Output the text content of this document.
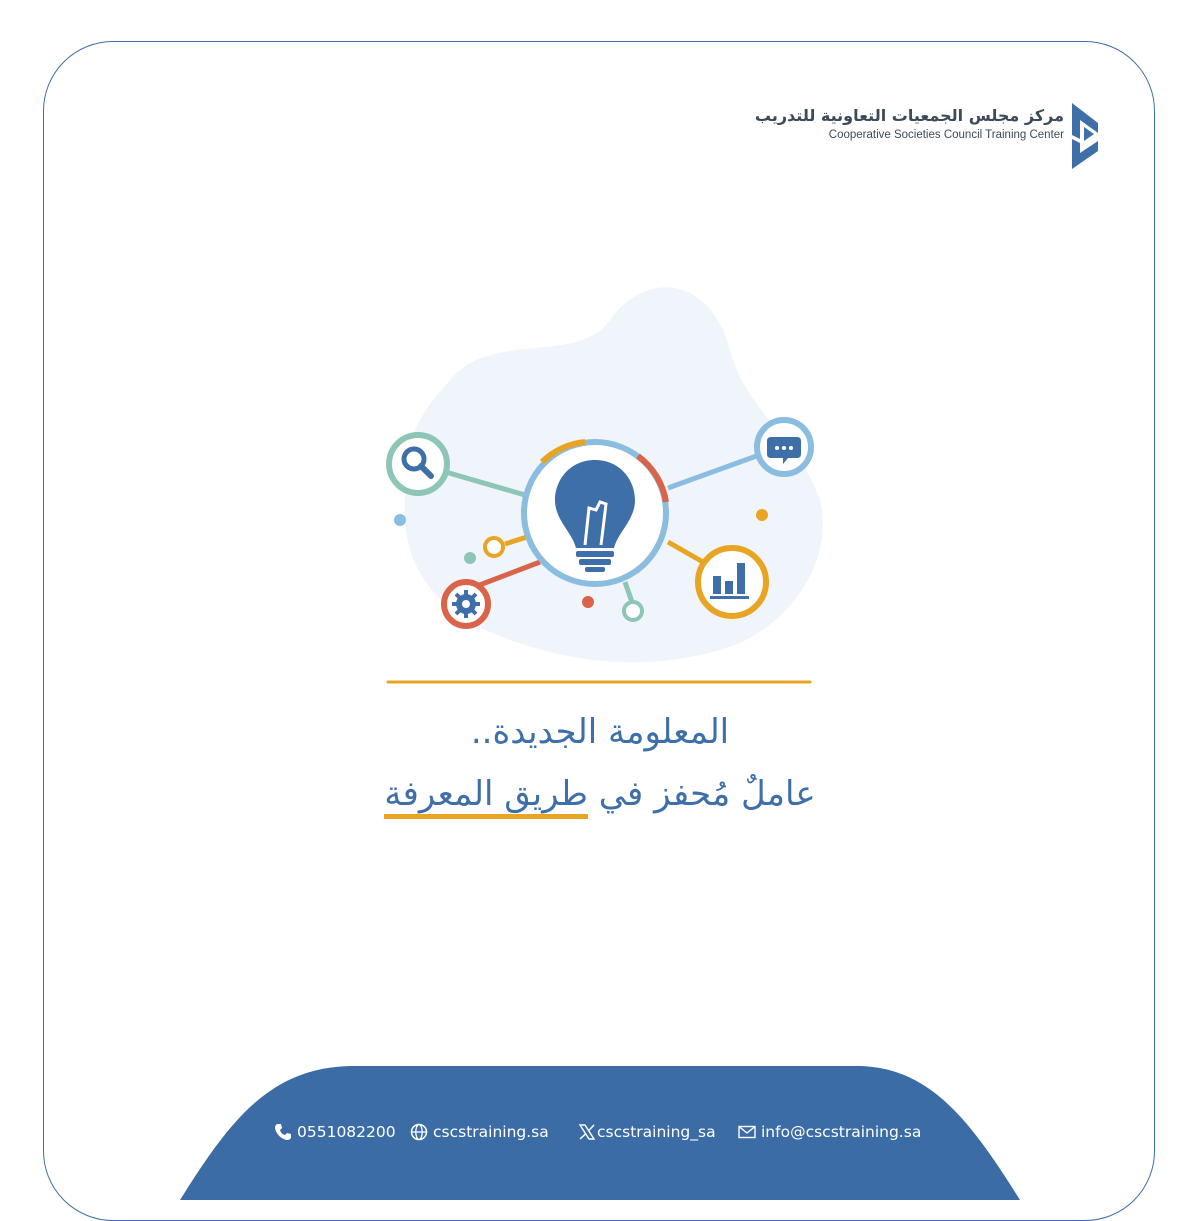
مركز مجلس الجمعيات التعاونية للتدريب
Cooperative Societies Council Training Center
المعلومة الجديدة..
عاملٌ مُحفز في طريق المعرفة
0551082200 cscstraining.sa	cscstraining_sa	info@cscstraining.sa
